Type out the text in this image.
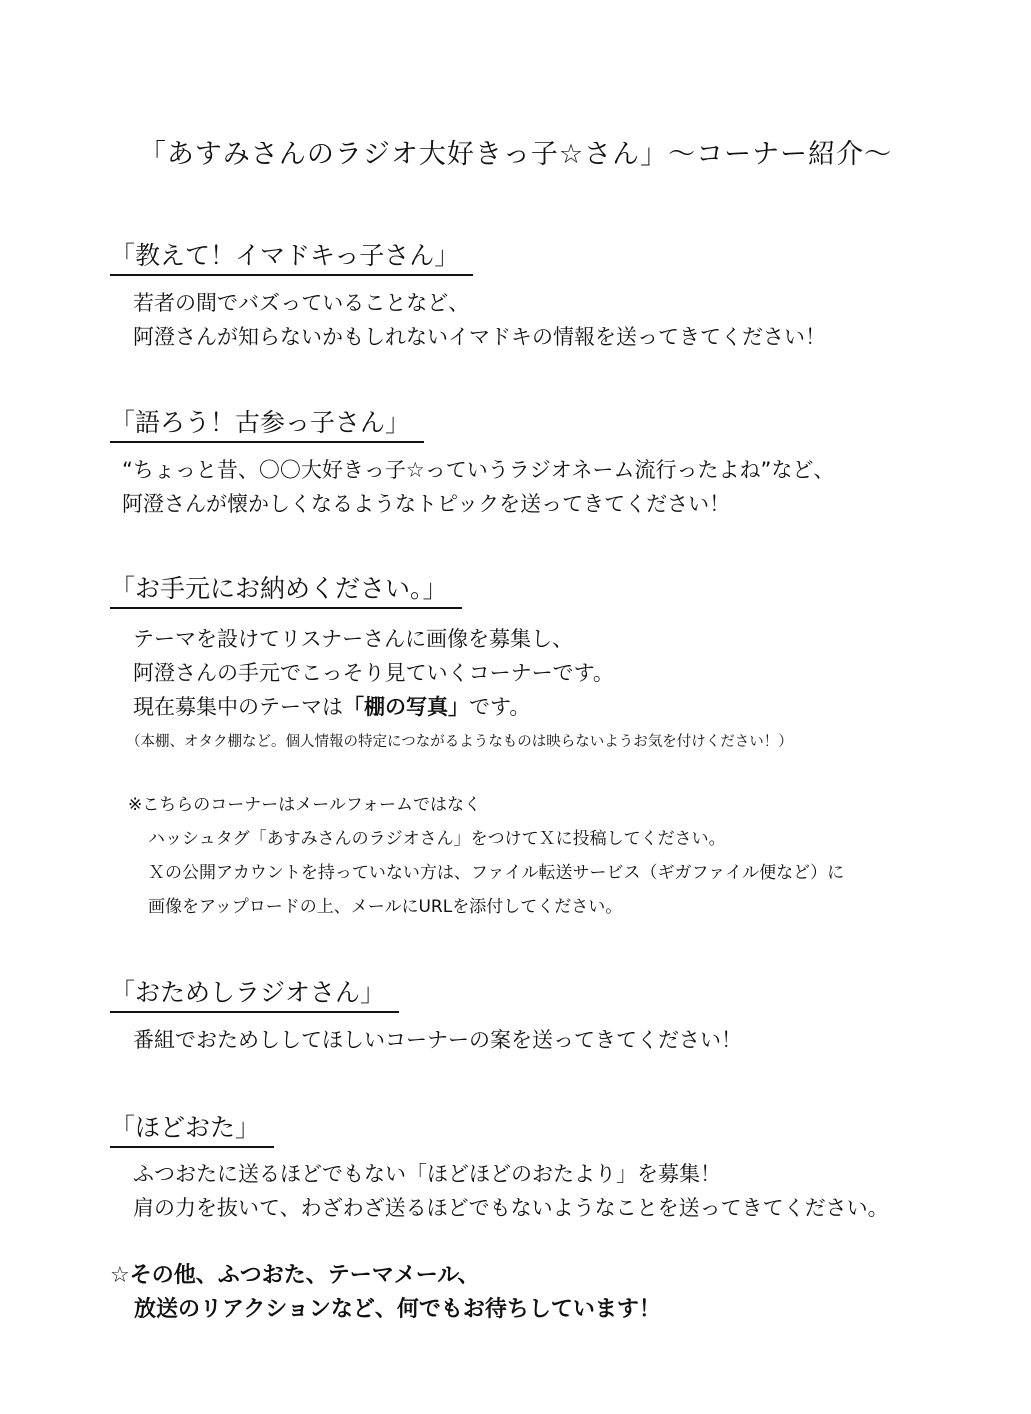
「あすみさんのラジオ大好きっ子☆さん」〜コーナー紹介〜
「教えて！イマドキっ子さん」
若者の間でバズっていることなど、
阿澄さんが知らないかもしれないイマドキの情報を送ってきてください！
「語ろう！古参っ子さん」
“ちょっと昔、〇〇大好きっ子☆っていうラジオネーム流行ったよね”など、
阿澄さんが懐かしくなるようなトピックを送ってきてください！
「お手元にお納めください。」
テーマを設けてリスナーさんに画像を募集し、
阿澄さんの手元でこっそり見ていくコーナーです。
現在募集中のテーマは「棚の写真」です。
（本棚、オタク棚など。個人情報の特定につながるようなものは映らないようお気を付けください！）
※こちらのコーナーはメールフォームではなく
ハッシュタグ「あすみさんのラジオさん」をつけてＸに投稿してください。
Ｘの公開アカウントを持っていない方は、ファイル転送サービス（ギガファイル便など）に
画像をアップロードの上、メールにURLを添付してください。
「おためしラジオさん」
番組でおためししてほしいコーナーの案を送ってきてください！
「ほどおた」
ふつおたに送るほどでもない「ほどほどのおたより」を募集！
肩の力を抜いて、わざわざ送るほどでもないようなことを送ってきてください。
☆その他、ふつおた、テーマメール、
放送のリアクションなど、何でもお待ちしています！
